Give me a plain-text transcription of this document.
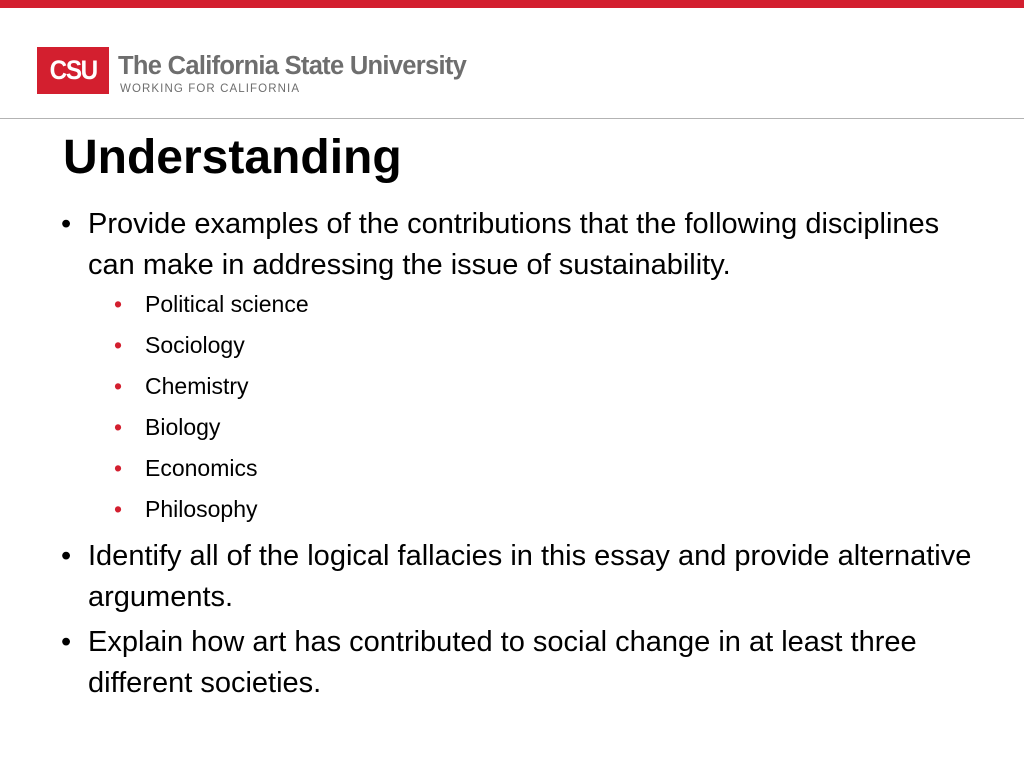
CSU The California State University
WORKING FOR CALIFORNIA
Understanding
• Provide examples of the contributions that the following disciplines can make in addressing the issue of sustainability.
• Political science
• Sociology
• Chemistry
• Biology
• Economics
• Philosophy
• Identify all of the logical fallacies in this essay and provide alternative arguments.
• Explain how art has contributed to social change in at least three different societies.
